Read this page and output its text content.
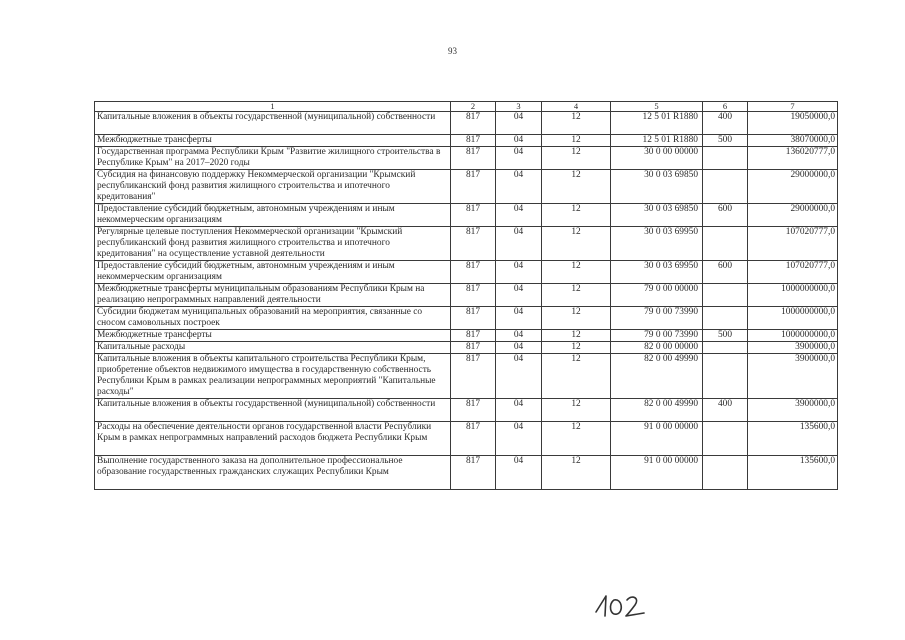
93
1	2	3	4	5	6	7
Капитальные вложения в объекты государственной (муниципальной) собственности	817	04	12	12 5 01 R1880	400	19050000,0
Межбюджетные трансферты	817	04	12	12 5 01 R1880	500	38070000,0
Государственная программа Республики Крым "Развитие жилищного строительства в Республике Крым" на 2017–2020 годы	817	04	12	30 0 00 00000		136020777,0
Субсидия на финансовую поддержку Некоммерческой организации "Крымский республиканский фонд развития жилищного строительства и ипотечного кредитования"	817	04	12	30 0 03 69850		29000000,0
Предоставление субсидий бюджетным, автономным учреждениям и иным некоммерческим организациям	817	04	12	30 0 03 69850	600	29000000,0
Регулярные целевые поступления Некоммерческой организации "Крымский республиканский фонд развития жилищного строительства и ипотечного кредитования" на осуществление уставной деятельности	817	04	12	30 0 03 69950		107020777,0
Предоставление субсидий бюджетным, автономным учреждениям и иным некоммерческим организациям	817	04	12	30 0 03 69950	600	107020777,0
Межбюджетные трансферты муниципальным образованиям Республики Крым на реализацию непрограммных направлений деятельности	817	04	12	79 0 00 00000		1000000000,0
Субсидии бюджетам муниципальных образований на мероприятия, связанные со сносом самовольных построек	817	04	12	79 0 00 73990		1000000000,0
Межбюджетные трансферты	817	04	12	79 0 00 73990	500	1000000000,0
Капитальные расходы	817	04	12	82 0 00 00000		3900000,0
Капитальные вложения в объекты капитального строительства Республики Крым, приобретение объектов недвижимого имущества в государственную собственность Республики Крым в рамках реализации непрограммных мероприятий "Капитальные расходы"	817	04	12	82 0 00 49990		3900000,0
Капитальные вложения в объекты государственной (муниципальной) собственности	817	04	12	82 0 00 49990	400	3900000,0
Расходы на обеспечение деятельности органов государственной власти Республики Крым в рамках непрограммных направлений расходов бюджета Республики Крым	817	04	12	91 0 00 00000		135600,0
Выполнение государственного заказа на дополнительное профессиональное образование государственных гражданских служащих Республики Крым	817	04	12	91 0 00 00000		135600,0
